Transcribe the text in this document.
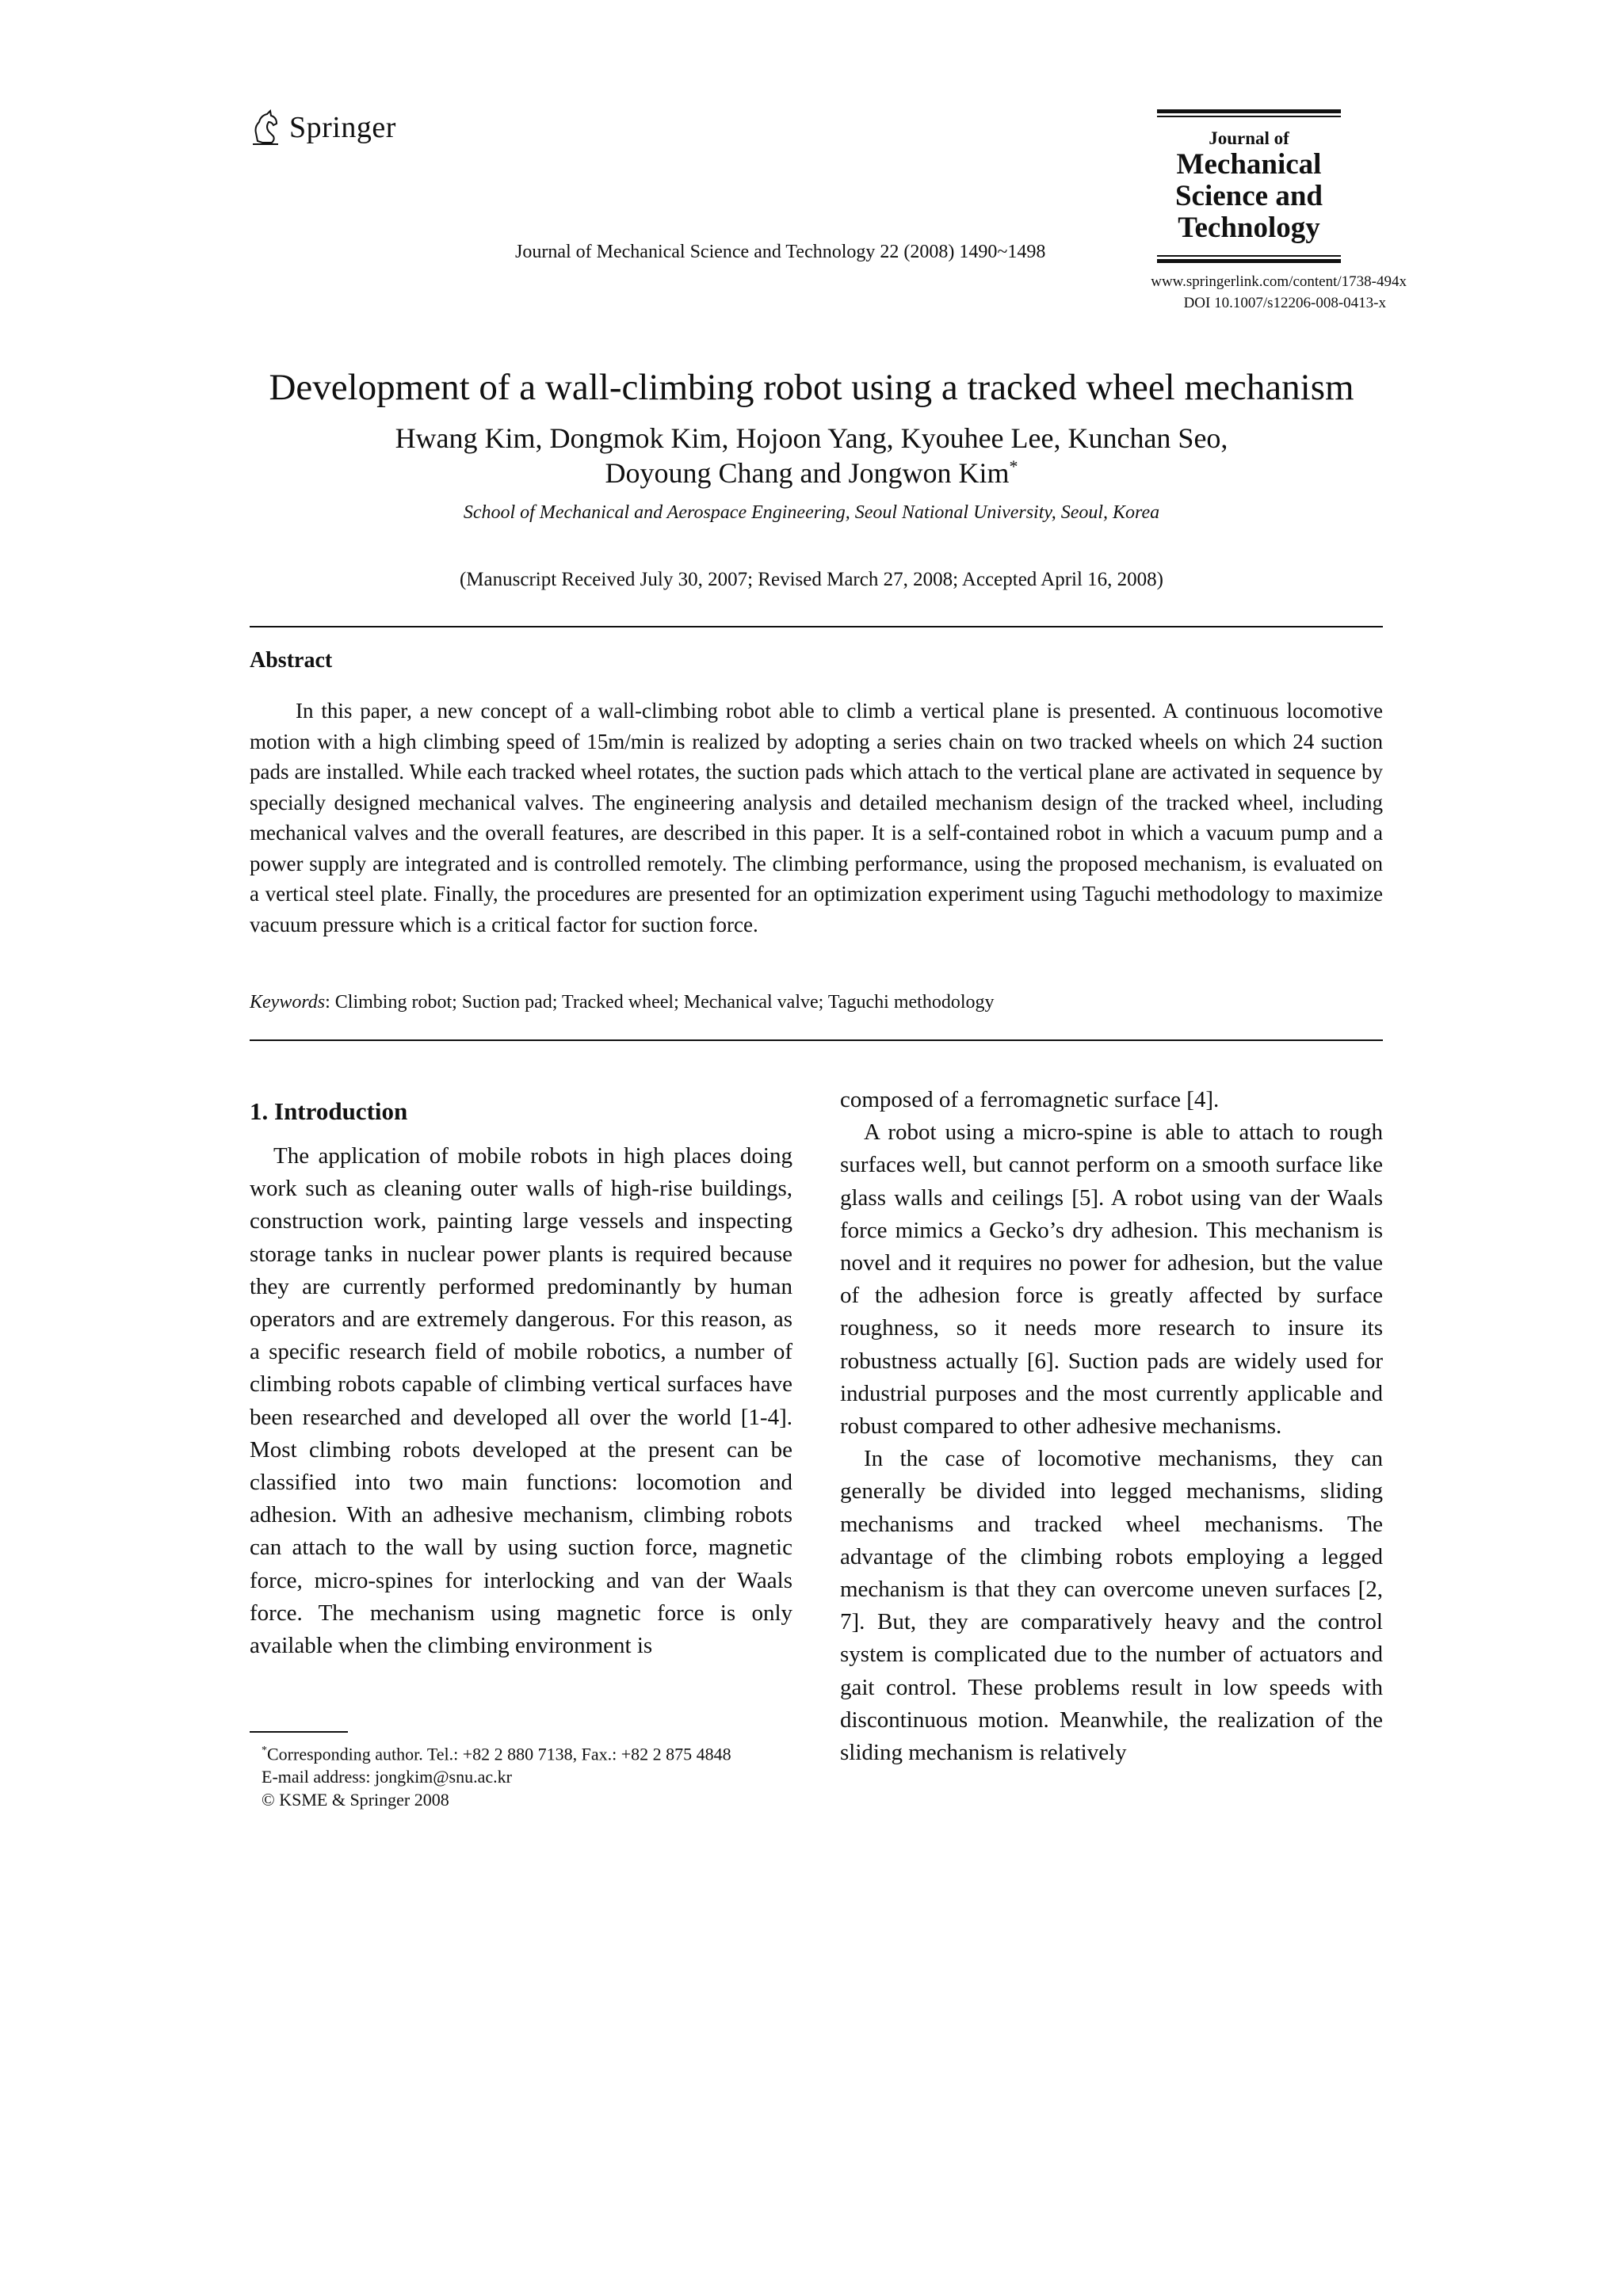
Springer	Journal of
Mechanical
Science and
Technology
Journal of Mechanical Science and Technology 22 (2008) 1490~1498
www.springerlink.com/content/1738-494x
DOI 10.1007/s12206-008-0413-x
Development of a wall-climbing robot using a tracked wheel mechanism
Hwang Kim, Dongmok Kim, Hojoon Yang, Kyouhee Lee, Kunchan Seo,
Doyoung Chang and Jongwon Kim*
School of Mechanical and Aerospace Engineering, Seoul National University, Seoul, Korea
(Manuscript Received July 30, 2007; Revised March 27, 2008; Accepted April 16, 2008)
Abstract
In this paper, a new concept of a wall-climbing robot able to climb a vertical plane is presented. A continuous locomotive motion with a high climbing speed of 15m/min is realized by adopting a series chain on two tracked wheels on which 24 suction pads are installed. While each tracked wheel rotates, the suction pads which attach to the vertical plane are activated in sequence by specially designed mechanical valves. The engineering analysis and detailed mechanism design of the tracked wheel, including mechanical valves and the overall features, are described in this paper. It is a self-contained robot in which a vacuum pump and a power supply are integrated and is controlled remotely. The climbing performance, using the proposed mechanism, is evaluated on a vertical steel plate. Finally, the procedures are presented for an optimization experiment using Taguchi methodology to maximize vacuum pressure which is a critical factor for suction force.
Keywords: Climbing robot; Suction pad; Tracked wheel; Mechanical valve; Taguchi methodology
1. Introduction

The application of mobile robots in high places doing work such as cleaning outer walls of high-rise buildings, construction work, painting large vessels and inspecting storage tanks in nuclear power plants is required because they are currently performed predominantly by human operators and are extremely dangerous. For this reason, as a specific research field of mobile robotics, a number of climbing robots capable of climbing vertical surfaces have been researched and developed all over the world [1-4]. Most climbing robots developed at the present can be classified into two main functions: locomotion and adhesion. With an adhesive mechanism, climbing robots can attach to the wall by using suction force, magnetic force, micro-spines for interlocking and van der Waals force. The mechanism using magnetic force is only available when the climbing environment is

composed of a ferromagnetic surface [4].

A robot using a micro-spine is able to attach to rough surfaces well, but cannot perform on a smooth surface like glass walls and ceilings [5]. A robot using van der Waals force mimics a Gecko’s dry adhesion. This mechanism is novel and it requires no power for adhesion, but the value of the adhesion force is greatly affected by surface roughness, so it needs more research to insure its robustness actually [6]. Suction pads are widely used for industrial purposes and the most currently applicable and robust compared to other adhesive mechanisms.

In the case of locomotive mechanisms, they can generally be divided into legged mechanisms, sliding mechanisms and tracked wheel mechanisms. The advantage of the climbing robots employing a legged mechanism is that they can overcome uneven surfaces [2, 7]. But, they are comparatively heavy and the control system is complicated due to the number of actuators and gait control. These problems result in low speeds with discontinuous motion. Meanwhile, the realization of the sliding mechanism is relatively

*Corresponding author. Tel.: +82 2 880 7138, Fax.: +82 2 875 4848
E-mail address: jongkim@snu.ac.kr
© KSME & Springer 2008
